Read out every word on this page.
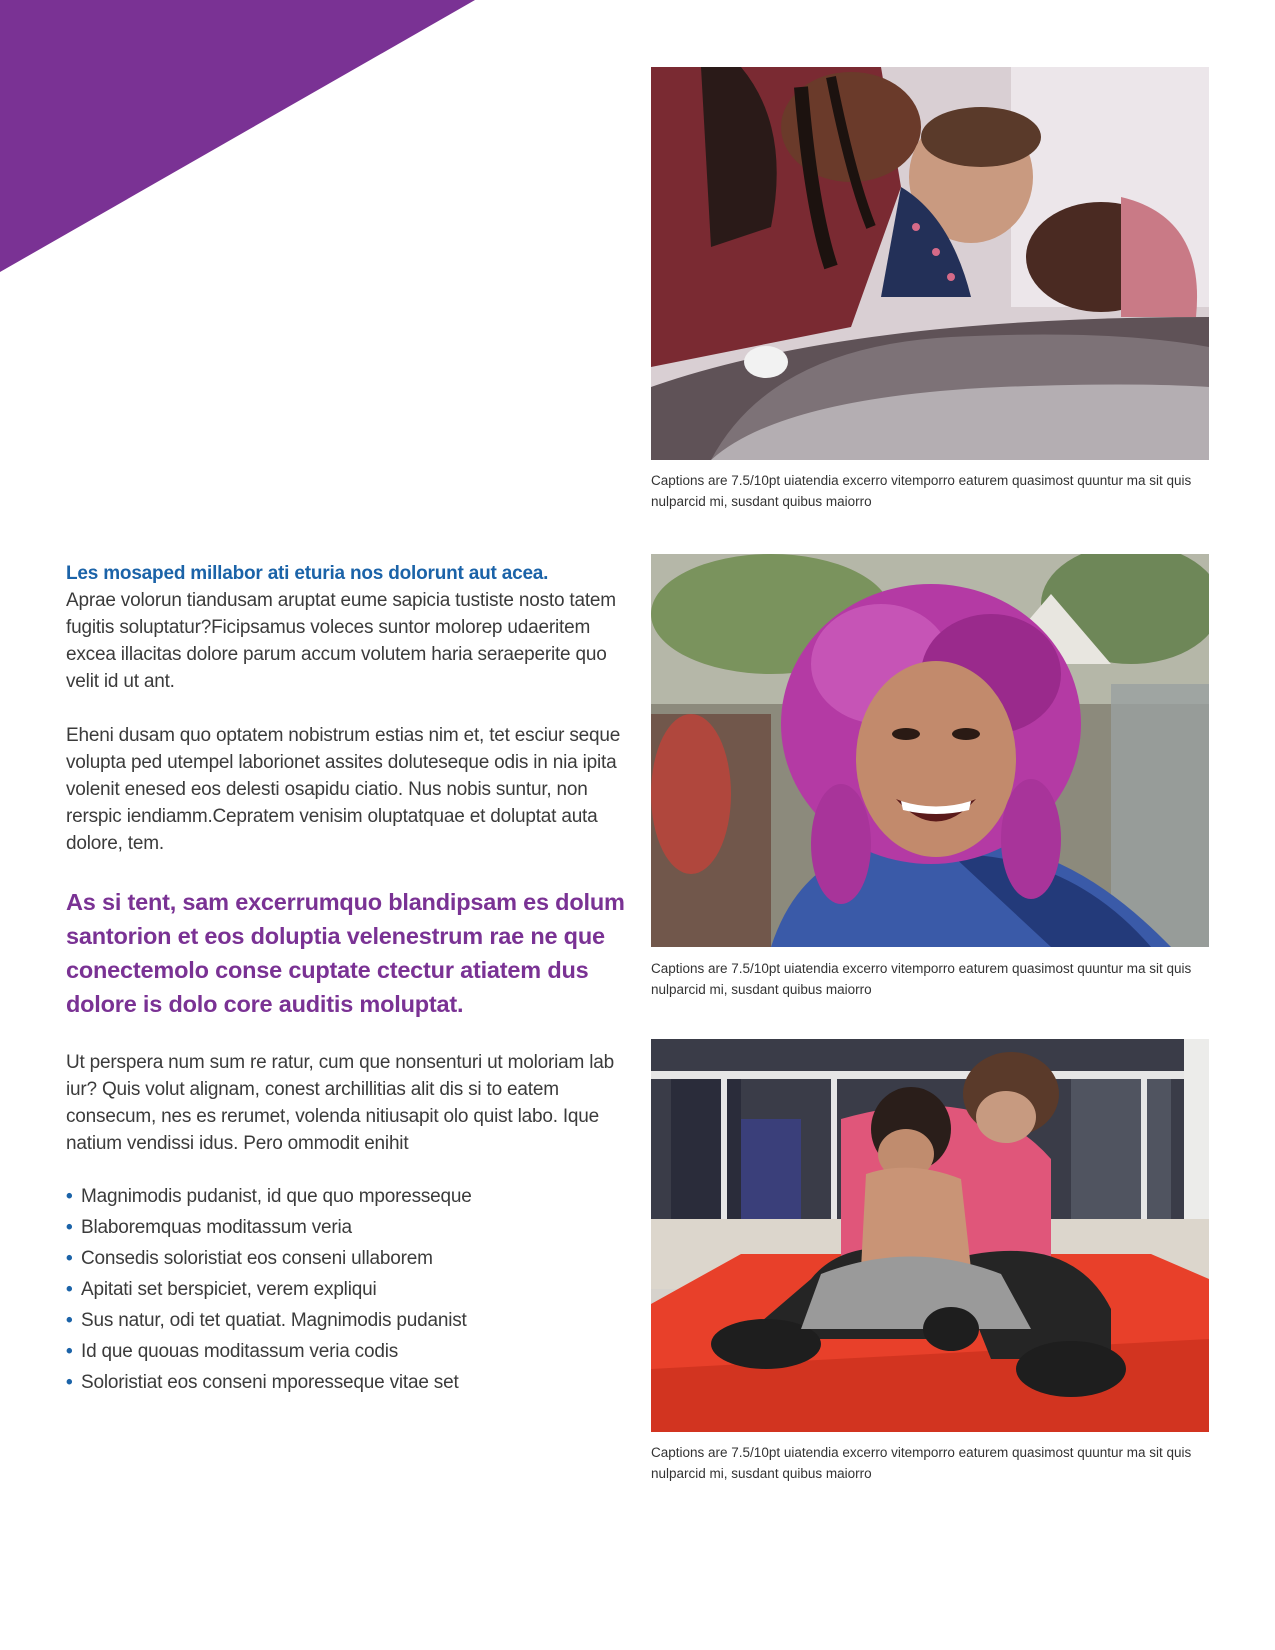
Les mosaped millabor ati eturia nos dolorunt aut acea.

Aprae volorun tiandusam aruptat eume sapicia tustiste nosto tatem fugitis soluptatur?Ficipsamus voleces suntor molorep udaeritem excea illacitas dolore parum accum volutem haria seraeperite quo velit id ut ant.

Eheni dusam quo optatem nobistrum estias nim et, tet esciur seque volupta ped utempel laborionet assites doluteseque odis in nia ipita volenit enesed eos delesti osapidu ciatio. Nus nobis suntur, non rerspic iendiamm.Cepratem venisim oluptatquae et doluptat auta dolore, tem.

As si tent, sam excerrumquo blandipsam es dolum santorion et eos doluptia velenestrum rae ne que conectemolo conse cuptate ctectur atiatem dus dolore is dolo core auditis moluptat.

Ut perspera num sum re ratur, cum que nonsenturi ut moloriam lab iur? Quis volut alignam, conest archillitias alit dis si to eatem consecum, nes es rerumet, volenda nitiusapit olo quist labo. Ique natium vendissi idus. Pero ommodit enihit

• Magnimodis pudanist, id que quo mporesseque
• Blaboremquas moditassum veria
• Consedis soloristiat eos conseni ullaborem
• Apitati set berspiciet, verem expliqui
• Sus natur, odi tet quatiat. Magnimodis pudanist
• Id que quouas moditassum veria codis
• Soloristiat eos conseni mporesseque vitae set

Captions are 7.5/10pt uiatendia excerro vitemporro eaturem quasimost quuntur ma sit quis nulparcid mi, susdant quibus maiorro

Captions are 7.5/10pt uiatendia excerro vitemporro eaturem quasimost quuntur ma sit quis nulparcid mi, susdant quibus maiorro

Captions are 7.5/10pt uiatendia excerro vitemporro eaturem quasimost quuntur ma sit quis nulparcid mi, susdant quibus maiorro
